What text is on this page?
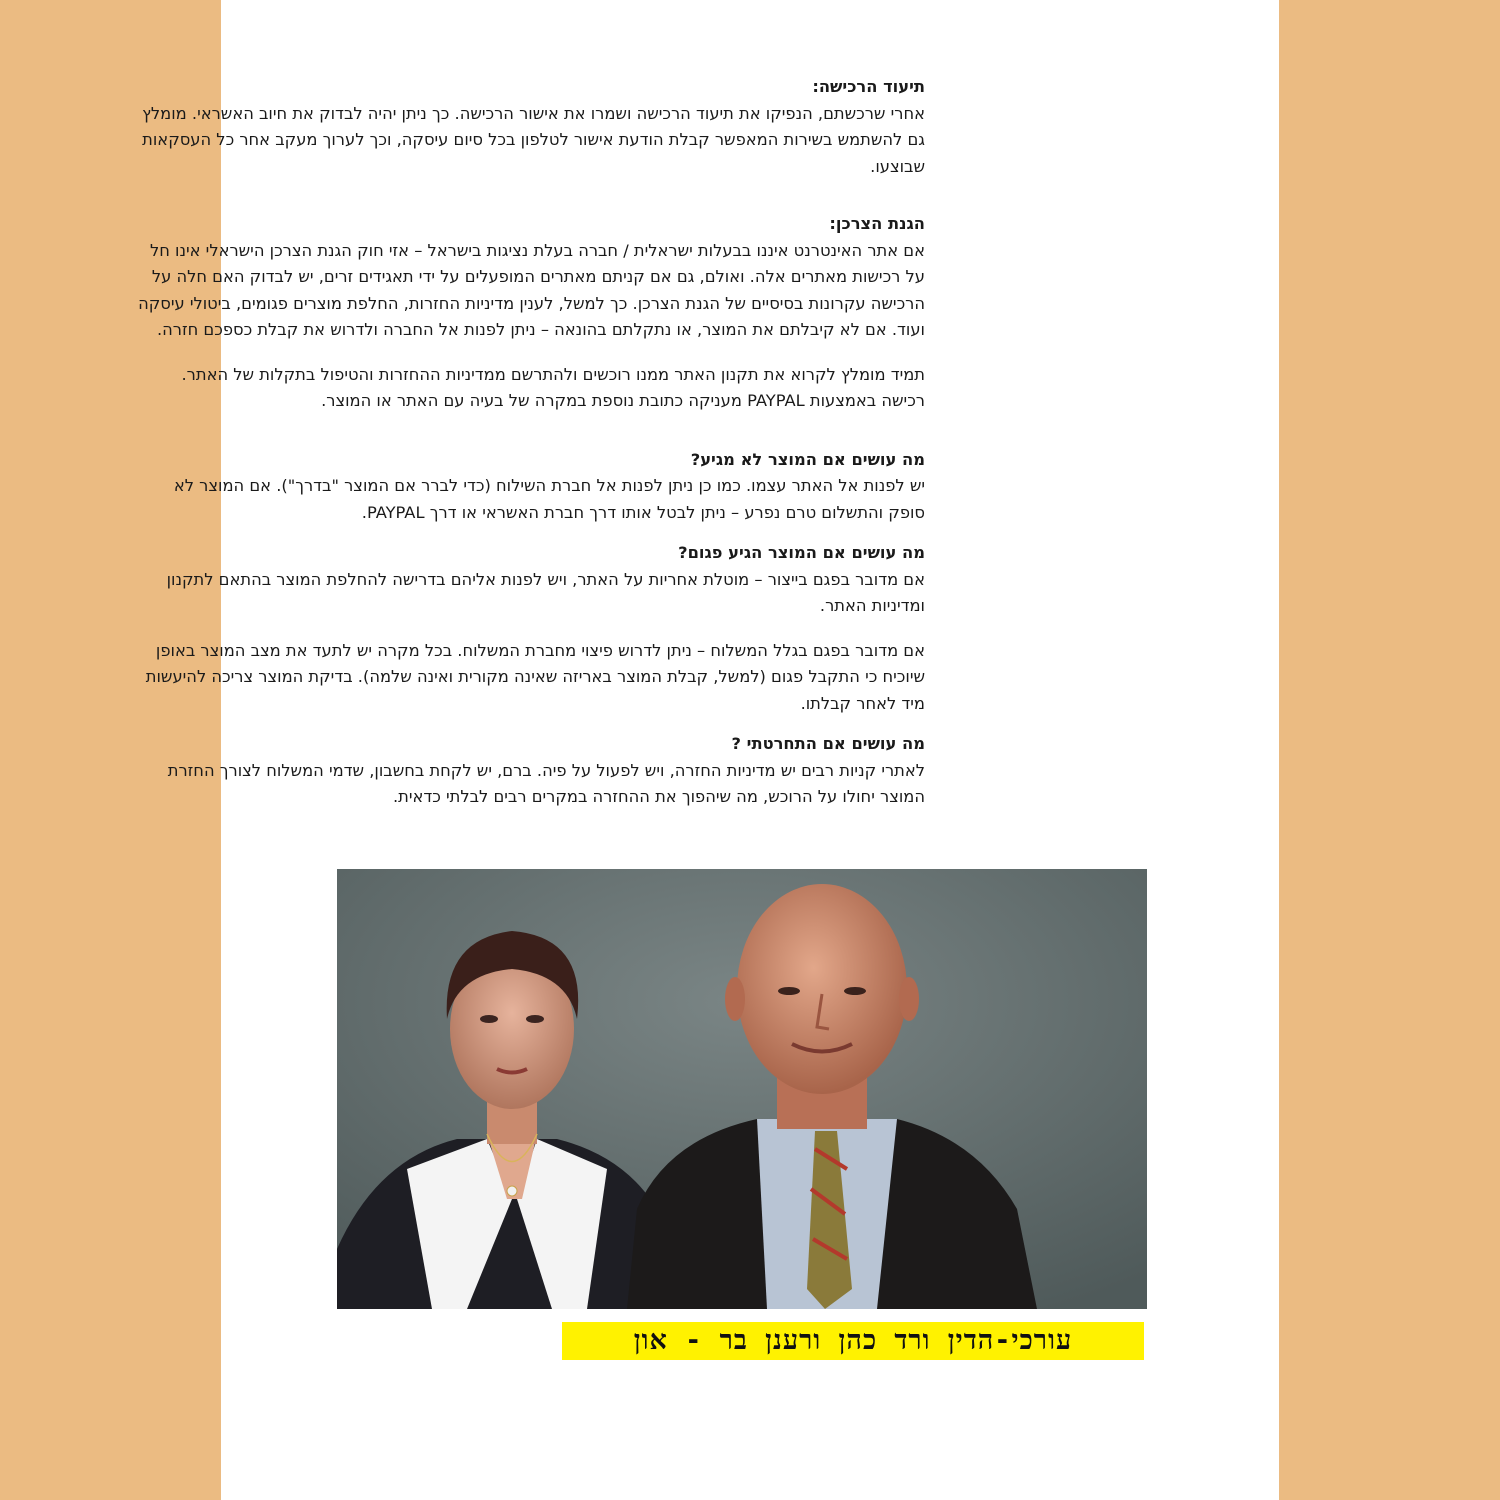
תיעוד הרכישה:

אחרי שרכשתם, הנפיקו את תיעוד הרכישה ושמרו את אישור הרכישה. כך ניתן יהיה לבדוק את חיוב האשראי. מומלץ גם להשתמש בשירות המאפשר קבלת הודעת אישור לטלפון בכל סיום עיסקה, וכך לערוך מעקב אחר כל העסקאות שבוצעו.

הגנת הצרכן:

אם אתר האינטרנט איננו בבעלות ישראלית / חברה בעלת נציגות בישראל – אזי חוק הגנת הצרכן הישראלי אינו חל על רכישות מאתרים אלה. ואולם, גם אם קניתם מאתרים המופעלים על ידי תאגידים זרים, יש לבדוק האם חלה על הרכישה עקרונות בסיסיים של הגנת הצרכן. כך למשל, לענין מדיניות החזרות, החלפת מוצרים פגומים, ביטולי עיסקה ועוד. אם לא קיבלתם את המוצר, או נתקלתם בהונאה – ניתן לפנות אל החברה ולדרוש את קבלת כספכם חזרה.

תמיד מומלץ לקרוא את תקנון האתר ממנו רוכשים ולהתרשם ממדיניות ההחזרות והטיפול בתקלות של האתר. רכישה באמצעות PAYPAL מעניקה כתובת נוספת במקרה של בעיה עם האתר או המוצר.

מה עושים אם המוצר לא מגיע?

יש לפנות אל האתר עצמו. כמו כן ניתן לפנות אל חברת השילוח (כדי לברר אם המוצר "בדרך"). אם המוצר לא סופק והתשלום טרם נפרע – ניתן לבטל אותו דרך חברת האשראי או דרך PAYPAL.

מה עושים אם המוצר הגיע פגום?

אם מדובר בפגם בייצור – מוטלת אחריות על האתר, ויש לפנות אליהם בדרישה להחלפת המוצר בהתאם לתקנון ומדיניות האתר.

אם מדובר בפגם בגלל המשלוח – ניתן לדרוש פיצוי מחברת המשלוח. בכל מקרה יש לתעד את מצב המוצר באופן שיוכיח כי התקבל פגום (למשל, קבלת המוצר באריזה שאינה מקורית ואינה שלמה). בדיקת המוצר צריכה להיעשות מיד לאחר קבלתו.

מה עושים אם התחרטתי ?

לאתרי קניות רבים יש מדיניות החזרה, ויש לפעול על פיה. ברם, יש לקחת בחשבון, שדמי המשלוח לצורך החזרת המוצר יחולו על הרוכש, מה שיהפוך את ההחזרה במקרים רבים לבלתי כדאית.

עורכי-הדין ורד כהן ורענן בר - און
